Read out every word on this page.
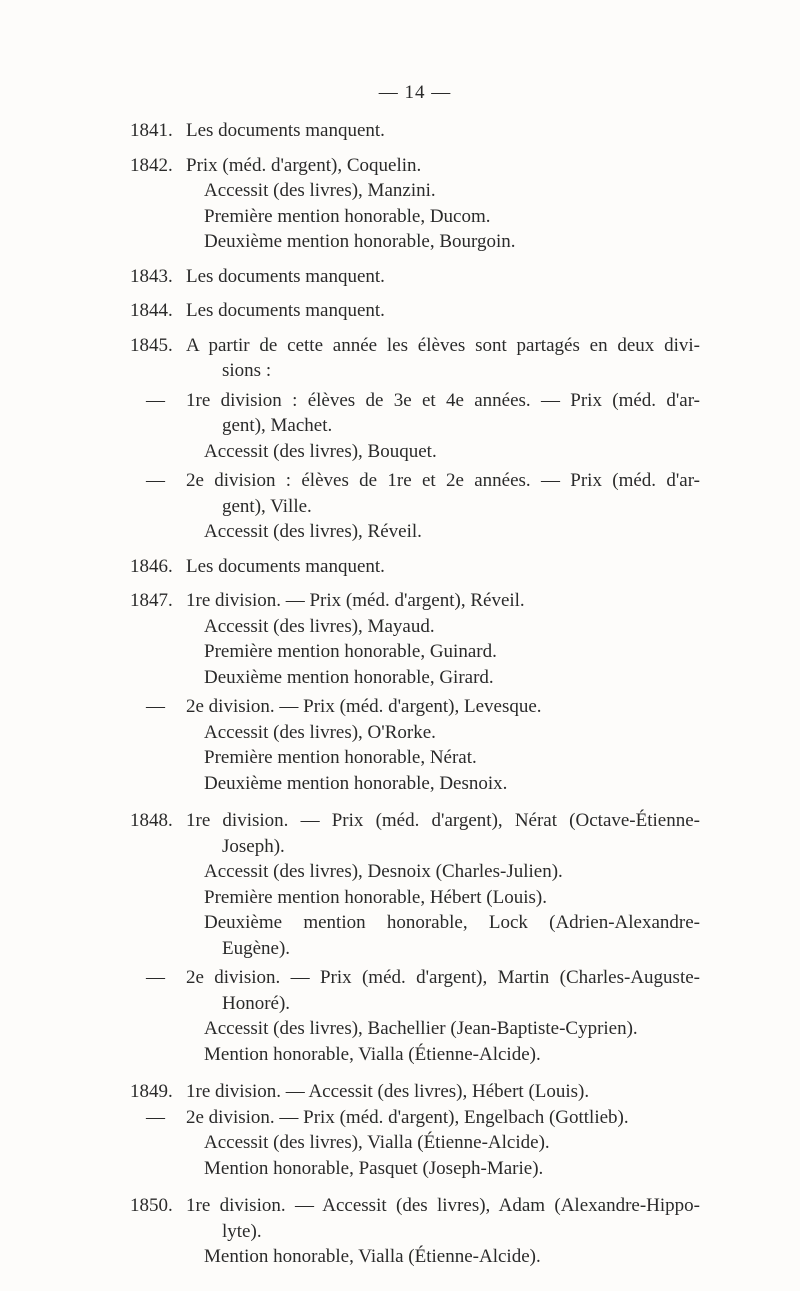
— 14 —
1841. Les documents manquent.
1842. Prix (méd. d'argent), Coquelin.
Accessit (des livres), Manzini.
Première mention honorable, Ducom.
Deuxième mention honorable, Bourgoin.
1843. Les documents manquent.
1844. Les documents manquent.
1845. A partir de cette année les élèves sont partagés en deux divi-
sions :
— 1re division : élèves de 3e et 4e années. — Prix (méd. d'ar-
gent), Machet.
Accessit (des livres), Bouquet.
— 2e division : élèves de 1re et 2e années. — Prix (méd. d'ar-
gent), Ville.
Accessit (des livres), Réveil.
1846. Les documents manquent.
1847. 1re division. — Prix (méd. d'argent), Réveil.
Accessit (des livres), Mayaud.
Première mention honorable, Guinard.
Deuxième mention honorable, Girard.
— 2e division. — Prix (méd. d'argent), Levesque.
Accessit (des livres), O'Rorke.
Première mention honorable, Nérat.
Deuxième mention honorable, Desnoix.
1848. 1re division. — Prix (méd. d'argent), Nérat (Octave-Étienne-
Joseph).
Accessit (des livres), Desnoix (Charles-Julien).
Première mention honorable, Hébert (Louis).
Deuxième mention honorable, Lock (Adrien-Alexandre-
Eugène).
— 2e division. — Prix (méd. d'argent), Martin (Charles-Auguste-
Honoré).
Accessit (des livres), Bachellier (Jean-Baptiste-Cyprien).
Mention honorable, Vialla (Étienne-Alcide).
1849. 1re division. — Accessit (des livres), Hébert (Louis).
— 2e division. — Prix (méd. d'argent), Engelbach (Gottlieb).
Accessit (des livres), Vialla (Étienne-Alcide).
Mention honorable, Pasquet (Joseph-Marie).
1850. 1re division. — Accessit (des livres), Adam (Alexandre-Hippo-
lyte).
Mention honorable, Vialla (Étienne-Alcide).
